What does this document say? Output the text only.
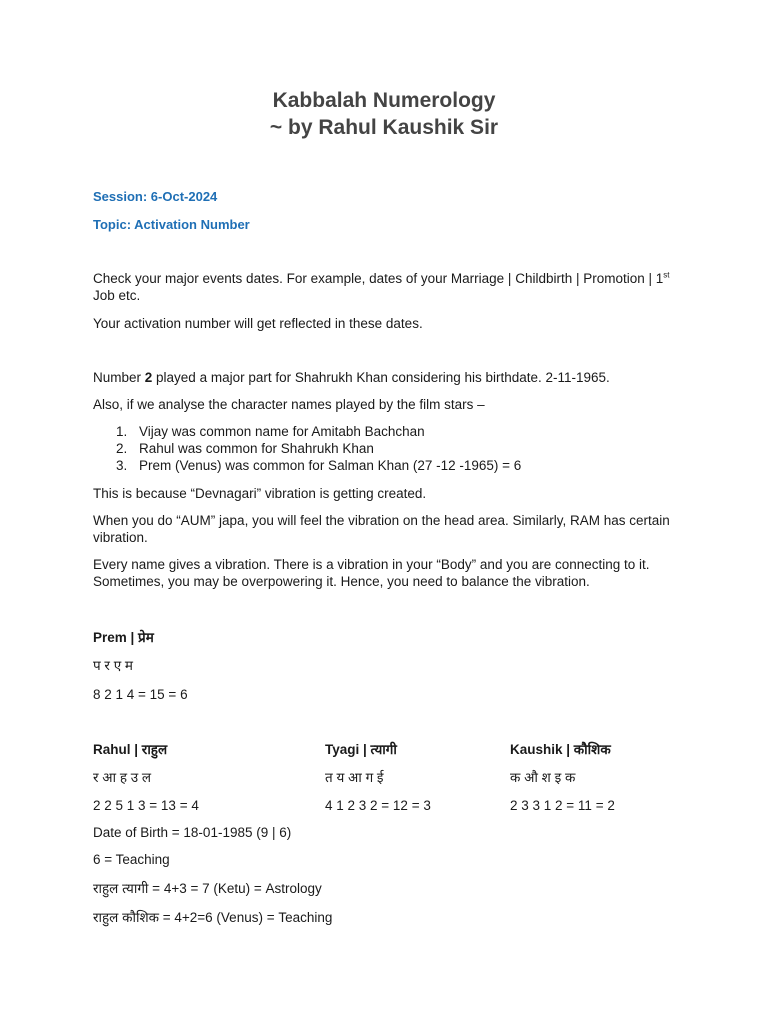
Kabbalah Numerology
~ by Rahul Kaushik Sir
Session: 6-Oct-2024
Topic: Activation Number
Check your major events dates. For example, dates of your Marriage | Childbirth | Promotion | 1st Job etc.
Your activation number will get reflected in these dates.
Number 2 played a major part for Shahrukh Khan considering his birthdate. 2-11-1965.
Also, if we analyse the character names played by the film stars –
1. Vijay was common name for Amitabh Bachchan
2. Rahul was common for Shahrukh Khan
3. Prem (Venus) was common for Salman Khan (27 -12 -1965) = 6
This is because “Devnagari” vibration is getting created.
When you do “AUM” japa, you will feel the vibration on the head area. Similarly, RAM has certain vibration.
Every name gives a vibration. There is a vibration in your “Body” and you are connecting to it. Sometimes, you may be overpowering it. Hence, you need to balance the vibration.
Prem | प्रेम
प र ए म
8 2 1 4 = 15 = 6
Rahul | राहुल
र आ ह उ ल
2 2 5 1 3 = 13 = 4
Tyagi | त्यागी
त य आ ग ई
4 1 2 3 2 = 12 = 3
Kaushik | कौशिक
क औ श इ क
2 3 3 1 2 = 11 = 2
Date of Birth = 18-01-1985 (9 | 6)
6 = Teaching
राहुल त्यागी = 4+3 = 7 (Ketu) = Astrology
राहुल कौशिक = 4+2=6 (Venus) = Teaching
